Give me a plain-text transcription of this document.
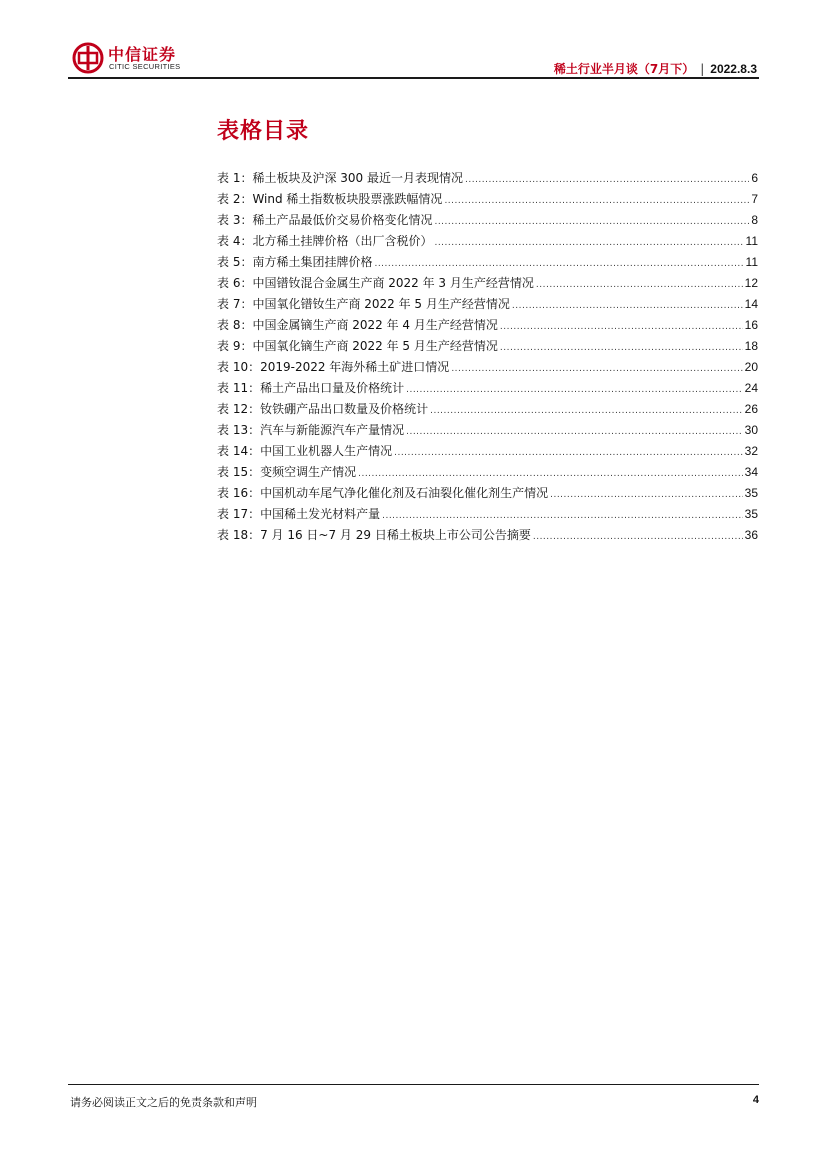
中信证券
CITIC SECURITIES	稀土行业半月谈（7月下） | 2022.8.3
表格目录
表 1：稀土板块及沪深 300 最近一月表现情况 .....	6
表 2：Wind 稀土指数板块股票涨跌幅情况 .....	7
表 3：稀土产品最低价交易价格变化情况 .....	8
表 4：北方稀土挂牌价格（出厂含税价） .....	11
表 5：南方稀土集团挂牌价格 .....	11
表 6：中国镨钕混合金属生产商 2022 年 3 月生产经营情况 .....	12
表 7：中国氧化镨钕生产商 2022 年 5 月生产经营情况 .....	14
表 8：中国金属镝生产商 2022 年 4 月生产经营情况 .....	16
表 9：中国氧化镝生产商 2022 年 5 月生产经营情况 .....	18
表 10：2019-2022 年海外稀土矿进口情况 .....	20
表 11：稀土产品出口量及价格统计 .....	24
表 12：钕铁硼产品出口数量及价格统计 .....	26
表 13：汽车与新能源汽车产量情况 .....	30
表 14：中国工业机器人生产情况 .....	32
表 15：变频空调生产情况 .....	34
表 16：中国机动车尾气净化催化剂及石油裂化催化剂生产情况 .....	35
表 17：中国稀土发光材料产量 .....	35
表 18：7 月 16 日~7 月 29 日稀土板块上市公司公告摘要 .....	36
请务必阅读正文之后的免责条款和声明	4
